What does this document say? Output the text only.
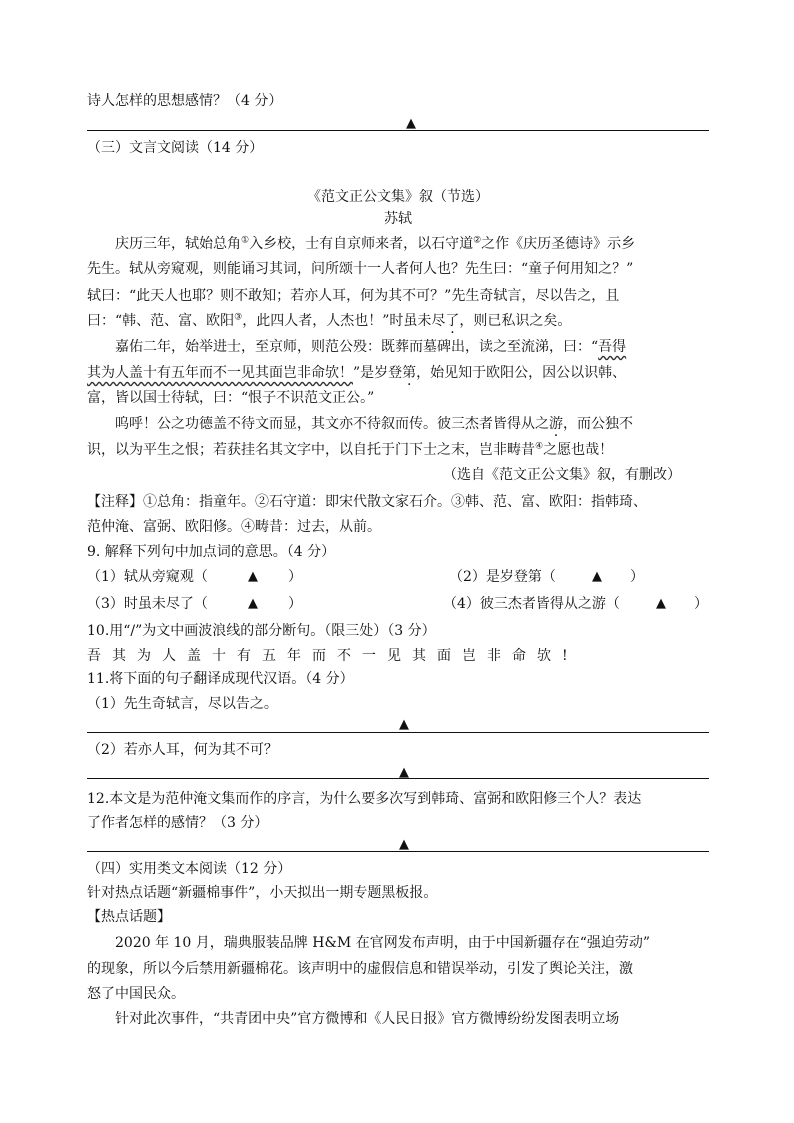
诗人怎样的思想感情？（4 分）
▲
（三）文言文阅读（14 分）
《范文正公文集》叙（节选）
苏轼
庆历三年，轼始总角①入乡校，士有自京师来者，以石守道②之作《庆历圣德诗》示乡
先生。轼从旁窥观，则能诵习其词，问所颂十一人者何人也？先生曰：“童子何用知之？”
轼曰：“此天人也耶？则不敢知；若亦人耳，何为其不可？”先生奇轼言，尽以告之，且
曰：“韩、范、富、欧阳③，此四人者，人杰也！”时虽未尽了，则已私识之矣。
嘉佑二年，始举进士，至京师，则范公殁：既葬而墓碑出，读之至流涕，曰：“吾得
其为人盖十有五年而不一见其面岂非命欤！”是岁登第，始见知于欧阳公，因公以识韩、
富，皆以国士待轼，曰：“恨子不识范文正公。”
呜呼！公之功德盖不待文而显，其文亦不待叙而传。彼三杰者皆得从之游，而公独不
识，以为平生之恨；若获挂名其文字中，以自托于门下士之末，岂非畴昔④之愿也哉！
（选自《范文正公文集》叙，有删改）
【注释】①总角：指童年。②石守道：即宋代散文家石介。③韩、范、富、欧阳：指韩琦、
范仲淹、富弼、欧阳修。④畴昔：过去，从前。
9. 解释下列句中加点词的意思。（4 分）
（1）轼从旁窥观（	▲ ）	（2）是岁登第（	▲ ）
（3）时虽未尽了（	▲ ）	（4）彼三杰者皆得从之游（	▲ ）
10.用“/”为文中画波浪线的部分断句。（限三处）（3 分）
吾其为人盖十有五年而不一见其面岂非命欤!
11.将下面的句子翻译成现代汉语。（4 分）
（1）先生奇轼言，尽以告之。
▲
（2）若亦人耳，何为其不可？
▲
12.本文是为范仲淹文集而作的序言，为什么要多次写到韩琦、富弼和欧阳修三个人？表达
了作者怎样的感情？（3 分）
▲
（四）实用类文本阅读（12 分）
针对热点话题“新疆棉事件”，小天拟出一期专题黑板报。
【热点话题】
2020 年 10 月，瑞典服装品牌 H&M 在官网发布声明，由于中国新疆存在“强迫劳动”
的现象，所以今后禁用新疆棉花。该声明中的虚假信息和错误举动，引发了舆论关注，激
怒了中国民众。
针对此次事件，“共青团中央”官方微博和《人民日报》官方微博纷纷发图表明立场
